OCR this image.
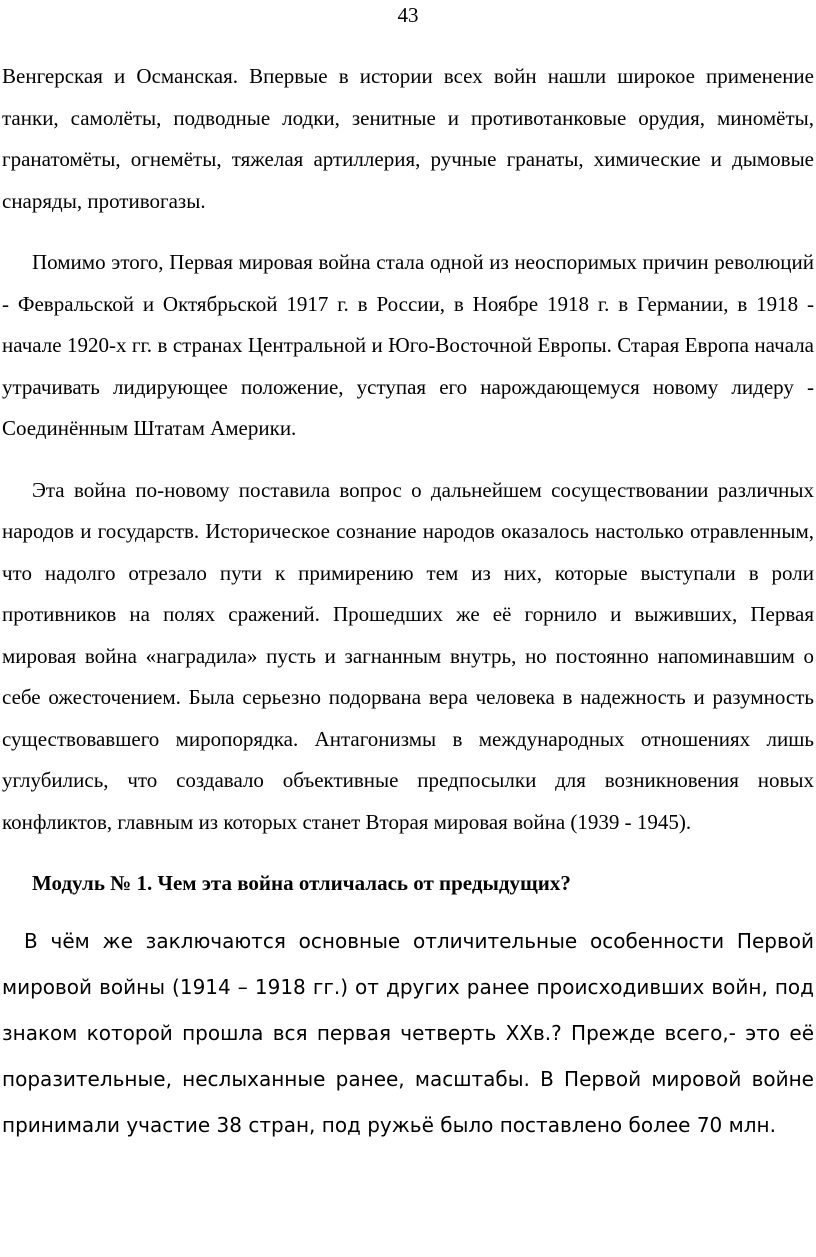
43

Венгерская и Османская. Впервые в истории всех войн нашли широкое применение танки, самолёты, подводные лодки, зенитные и противотанковые орудия, миномёты, гранатомёты, огнемёты, тяжелая артиллерия, ручные гранаты, химические и дымовые снаряды, противогазы.

Помимо этого, Первая мировая война стала одной из неоспоримых причин революций - Февральской и Октябрьской 1917 г. в России, в Ноябре 1918 г. в Германии, в 1918 - начале 1920-х гг. в странах Центральной и Юго-Восточной Европы. Старая Европа начала утрачивать лидирующее положение, уступая его нарождающемуся новому лидеру - Соединённым Штатам Америки.

Эта война по-новому поставила вопрос о дальнейшем сосуществовании различных народов и государств. Историческое сознание народов оказалось настолько отравленным, что надолго отрезало пути к примирению тем из них, которые выступали в роли противников на полях сражений. Прошедших же её горнило и выживших, Первая мировая война «наградила» пусть и загнанным внутрь, но постоянно напоминавшим о себе ожесточением. Была серьезно подорвана вера человека в надежность и разумность существовавшего миропорядка. Антагонизмы в международных отношениях лишь углубились, что создавало объективные предпосылки для возникновения новых конфликтов, главным из которых станет Вторая мировая война (1939 - 1945).

Модуль № 1. Чем эта война отличалась от предыдущих?

В чём же заключаются основные отличительные особенности Первой мировой войны (1914 – 1918 гг.) от других ранее происходивших войн, под знаком которой прошла вся первая четверть ХХв.? Прежде всего,- это её поразительные, неслыханные ранее, масштабы. В Первой мировой войне принимали участие 38 стран, под ружьё было поставлено более 70 млн.
